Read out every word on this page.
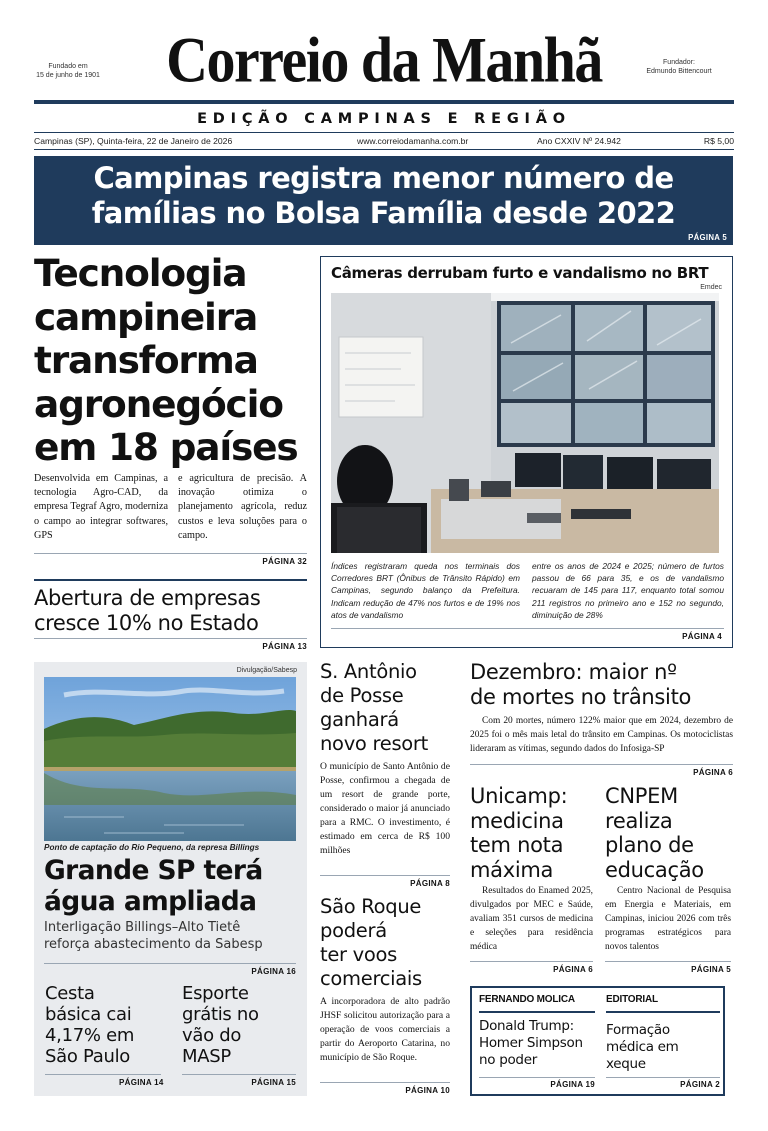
Fundado em
15 de junho de 1901	Correio da Manhã	Fundador:
Edmundo Bittencourt
EDIÇÃO CAMPINAS E REGIÃO
Campinas (SP), Quinta-feira, 22 de Janeiro de 2026	www.correiodamanha.com.br	Ano CXXIV Nº 24.942	R$ 5,00
Campinas registra menor número de
famílias no Bolsa Família desde 2022
PÁGINA 5
Tecnologia
campineira
transforma
agronegócio
em 18 países
Desenvolvida em Campinas, a tecnologia Agro-CAD, da empresa Tegraf Agro, moderniza o campo ao integrar softwares, GPS
e agricultura de precisão. A inovação otimiza o planejamento agrícola, reduz custos e leva soluções para o campo.
PÁGINA 32
Abertura de empresas cresce 10% no Estado
PÁGINA 13
Câmeras derrubam furto e vandalismo no BRT
Emdec
Índices registraram queda nos terminais dos Corredores BRT (Ônibus de Trânsito Rápido) em Campinas, segundo balanço da Prefeitura. Indicam redução de 47% nos furtos e de 19% nos atos de vandalismo
entre os anos de 2024 e 2025; número de furtos passou de 66 para 35, e os de vandalismo recuaram de 145 para 117, enquanto total somou 211 registros no primeiro ano e 152 no segundo, diminuição de 28%
PÁGINA 4
Divulgação/Sabesp
Ponto de captação do Rio Pequeno, da represa Billings
Grande SP terá
água ampliada
Interligação Billings–Alto Tietê
reforça abastecimento da Sabesp
PÁGINA 16
Cesta
básica cai
4,17% em
São Paulo
PÁGINA 14
Esporte
grátis no
vão do
MASP
PÁGINA 15
S. Antônio
de Posse
ganhará
novo resort
O município de Santo Antônio de Posse, confirmou a chegada de um resort de grande porte, considerado o maior já anunciado para a RMC. O investimento, é estimado em cerca de R$ 100 milhões
PÁGINA 8
São Roque
poderá
ter voos
comerciais
A incorporadora de alto padrão JHSF solicitou autorização para a operação de voos comerciais a partir do Aeroporto Catarina, no município de São Roque.
PÁGINA 10
Dezembro: maior nº
de mortes no trânsito
Com 20 mortes, número 122% maior que em 2024, dezembro de 2025 foi o mês mais letal do trânsito em Campinas. Os motociclistas lideraram as vítimas, segundo dados do Infosiga-SP
PÁGINA 6
Unicamp:
medicina
tem nota
máxima
Resultados do Enamed 2025, divulgados por MEC e Saúde, avaliam 351 cursos de medicina e seleções para residência médica
PÁGINA 6
CNPEM
realiza
plano de
educação
Centro Nacional de Pesquisa em Energia e Materiais, em Campinas, iniciou 2026 com três programas estratégicos para novos talentos
PÁGINA 5
FERNANDO MOLICA
Donald Trump:
Homer Simpson
no poder
PÁGINA 19
EDITORIAL
Formação
médica em
xeque
PÁGINA 2
